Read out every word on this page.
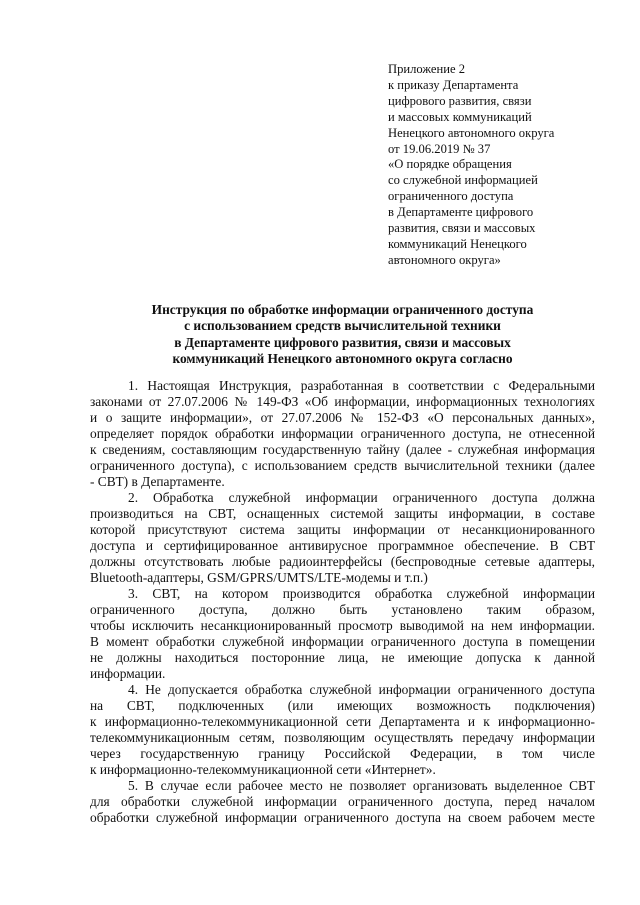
Приложение 2
к приказу Департамента
цифрового развития, связи
и массовых коммуникаций
Ненецкого автономного округа
от 19.06.2019 № 37
«О порядке обращения
со служебной информацией
ограниченного доступа
в Департаменте цифрового
развития, связи и массовых
коммуникаций Ненецкого
автономного округа»
Инструкция по обработке информации ограниченного доступа
с использованием средств вычислительной техники
в Департаменте цифрового развития, связи и массовых
коммуникаций Ненецкого автономного округа согласно
1. Настоящая Инструкция, разработанная в соответствии с Федеральными
законами от 27.07.2006 № 149-ФЗ «Об информации, информационных технологиях
и о защите информации», от 27.07.2006 № 152-ФЗ «О персональных данных»,
определяет порядок обработки информации ограниченного доступа, не отнесенной
к сведениям, составляющим государственную тайну (далее - служебная информация
ограниченного доступа), с использованием средств вычислительной техники (далее
- СВТ) в Департаменте.
2. Обработка служебной информации ограниченного доступа должна
производиться на СВТ, оснащенных системой защиты информации, в составе
которой присутствуют система защиты информации от несанкционированного
доступа и сертифицированное антивирусное программное обеспечение. В СВТ
должны отсутствовать любые радиоинтерфейсы (беспроводные сетевые адаптеры,
Bluetooth-адаптеры, GSM/GPRS/UMTS/LTE-модемы и т.п.)
3. СВТ, на котором производится обработка служебной информации
ограниченного доступа, должно быть установлено таким образом,
чтобы исключить несанкционированный просмотр выводимой на нем информации.
В момент обработки служебной информации ограниченного доступа в помещении
не должны находиться посторонние лица, не имеющие допуска к данной
информации.
4. Не допускается обработка служебной информации ограниченного доступа
на СВТ, подключенных (или имеющих возможность подключения)
к информационно-телекоммуникационной сети Департамента и к информационно-
телекоммуникационным сетям, позволяющим осуществлять передачу информации
через государственную границу Российской Федерации, в том числе
к информационно-телекоммуникационной сети «Интернет».
5. В случае если рабочее место не позволяет организовать выделенное СВТ
для обработки служебной информации ограниченного доступа, перед началом
обработки служебной информации ограниченного доступа на своем рабочем месте
